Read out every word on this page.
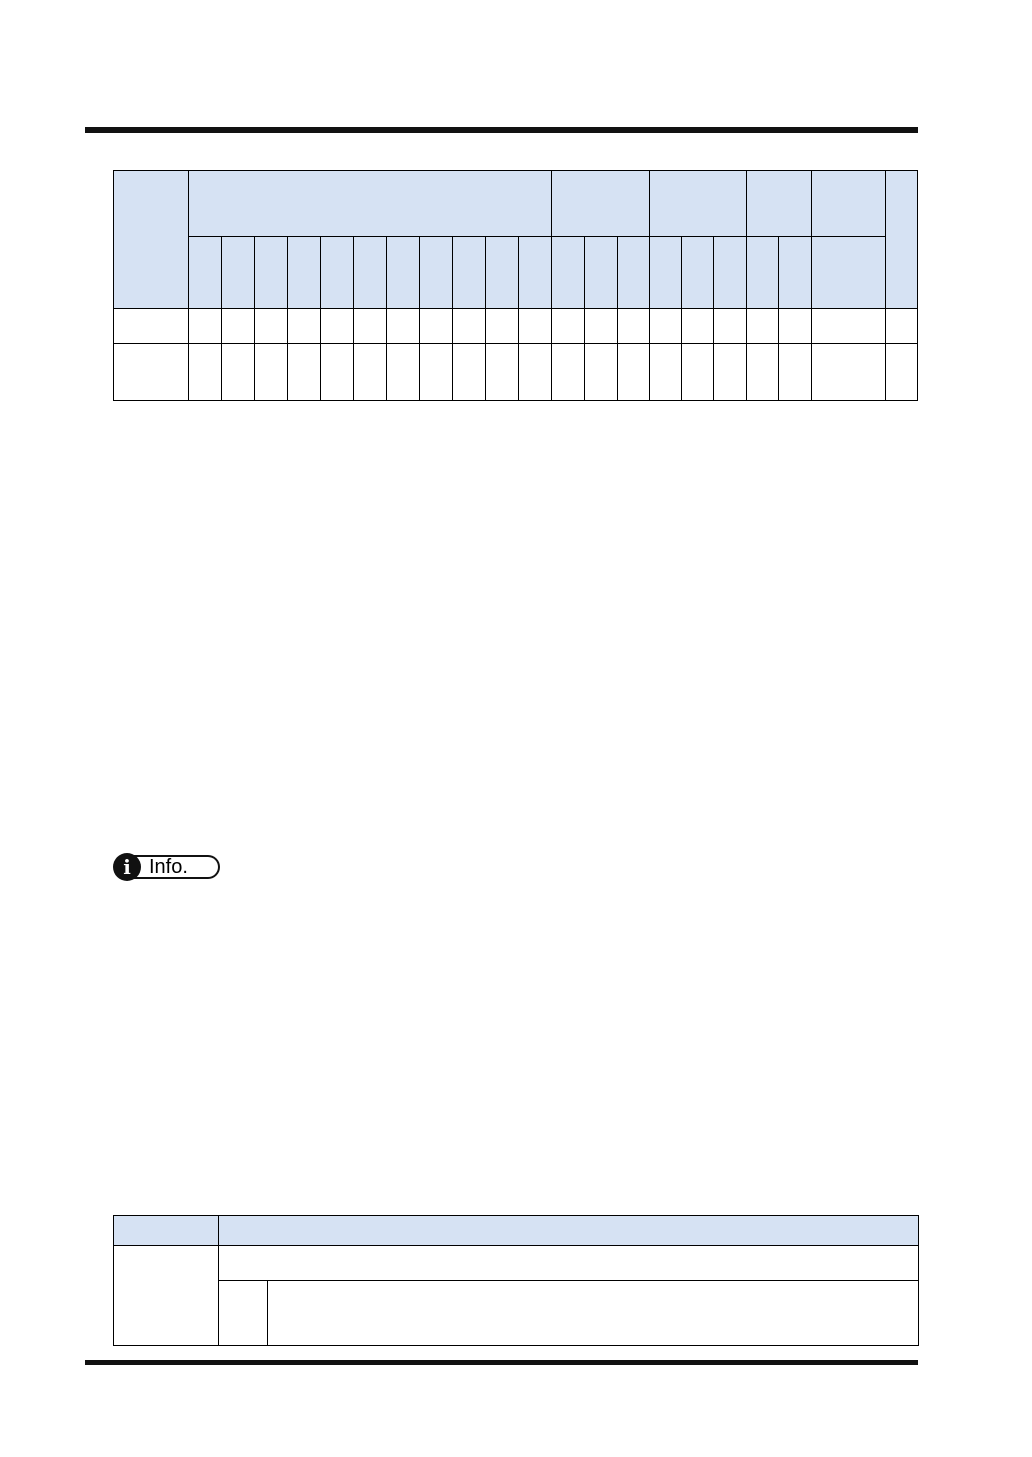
i Info.
